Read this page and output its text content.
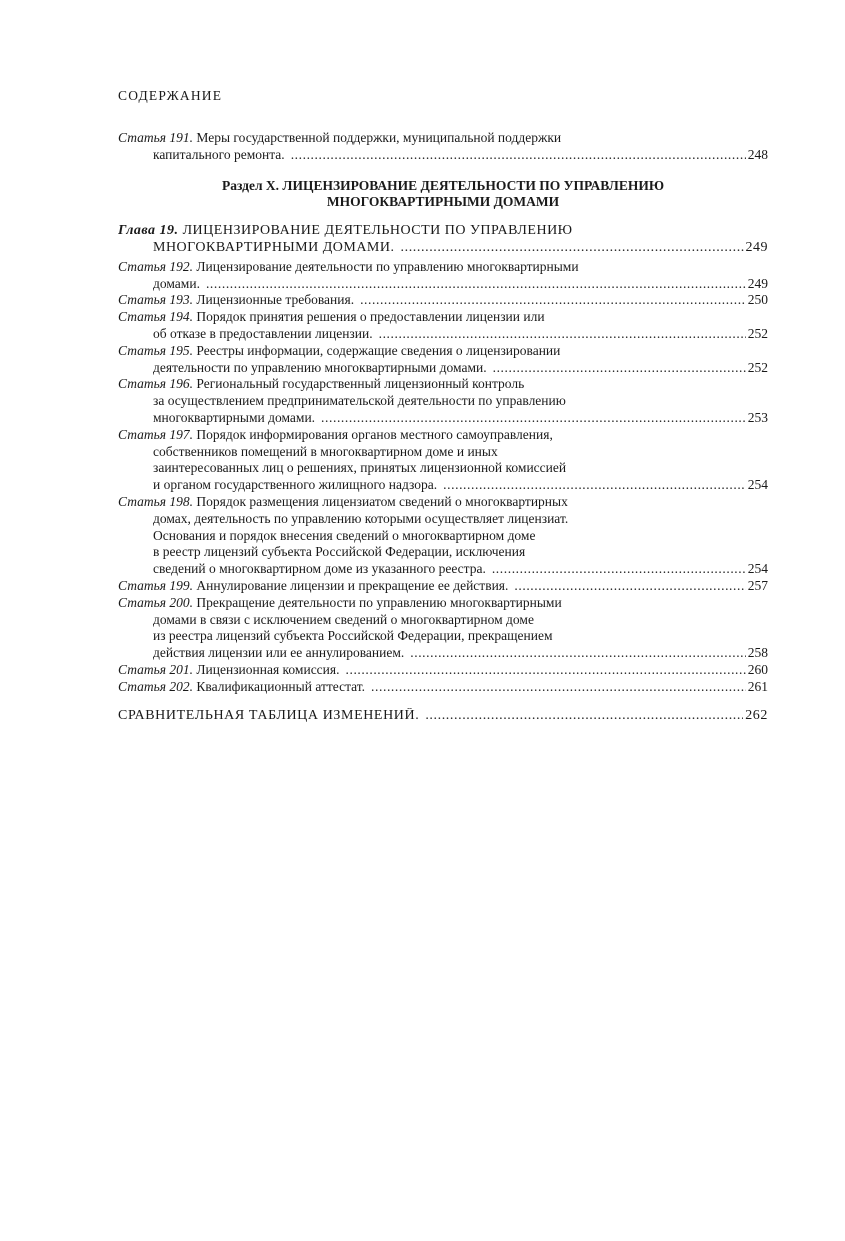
СОДЕРЖАНИЕ
Статья 191. Меры государственной поддержки, муниципальной поддержки
капитального ремонта. .....	248
Раздел X. ЛИЦЕНЗИРОВАНИЕ ДЕЯТЕЛЬНОСТИ ПО УПРАВЛЕНИЮ
МНОГОКВАРТИРНЫМИ ДОМАМИ
Глава 19. ЛИЦЕНЗИРОВАНИЕ ДЕЯТЕЛЬНОСТИ ПО УПРАВЛЕНИЮ
МНОГОКВАРТИРНЫМИ ДОМАМИ. .....	249
Статья 192. Лицензирование деятельности по управлению многоквартирными
домами. .....	249
Статья 193. Лицензионные требования. .....	250
Статья 194. Порядок принятия решения о предоставлении лицензии или
об отказе в предоставлении лицензии. .....	252
Статья 195. Реестры информации, содержащие сведения о лицензировании
деятельности по управлению многоквартирными домами. .....	252
Статья 196. Региональный государственный лицензионный контроль
за осуществлением предпринимательской деятельности по управлению
многоквартирными домами. .....	253
Статья 197. Порядок информирования органов местного самоуправления,
собственников помещений в многоквартирном доме и иных
заинтересованных лиц о решениях, принятых лицензионной комиссией
и органом государственного жилищного надзора. .....	254
Статья 198. Порядок размещения лицензиатом сведений о многоквартирных
домах, деятельность по управлению которыми осуществляет лицензиат.
Основания и порядок внесения сведений о многоквартирном доме
в реестр лицензий субъекта Российской Федерации, исключения
сведений о многоквартирном доме из указанного реестра. .....	254
Статья 199. Аннулирование лицензии и прекращение ее действия. .....	257
Статья 200. Прекращение деятельности по управлению многоквартирными
домами в связи с исключением сведений о многоквартирном доме
из реестра лицензий субъекта Российской Федерации, прекращением
действия лицензии или ее аннулированием. .....	258
Статья 201. Лицензионная комиссия. .....	260
Статья 202. Квалификационный аттестат. .....	261
СРАВНИТЕЛЬНАЯ ТАБЛИЦА ИЗМЕНЕНИЙ. .....	262
